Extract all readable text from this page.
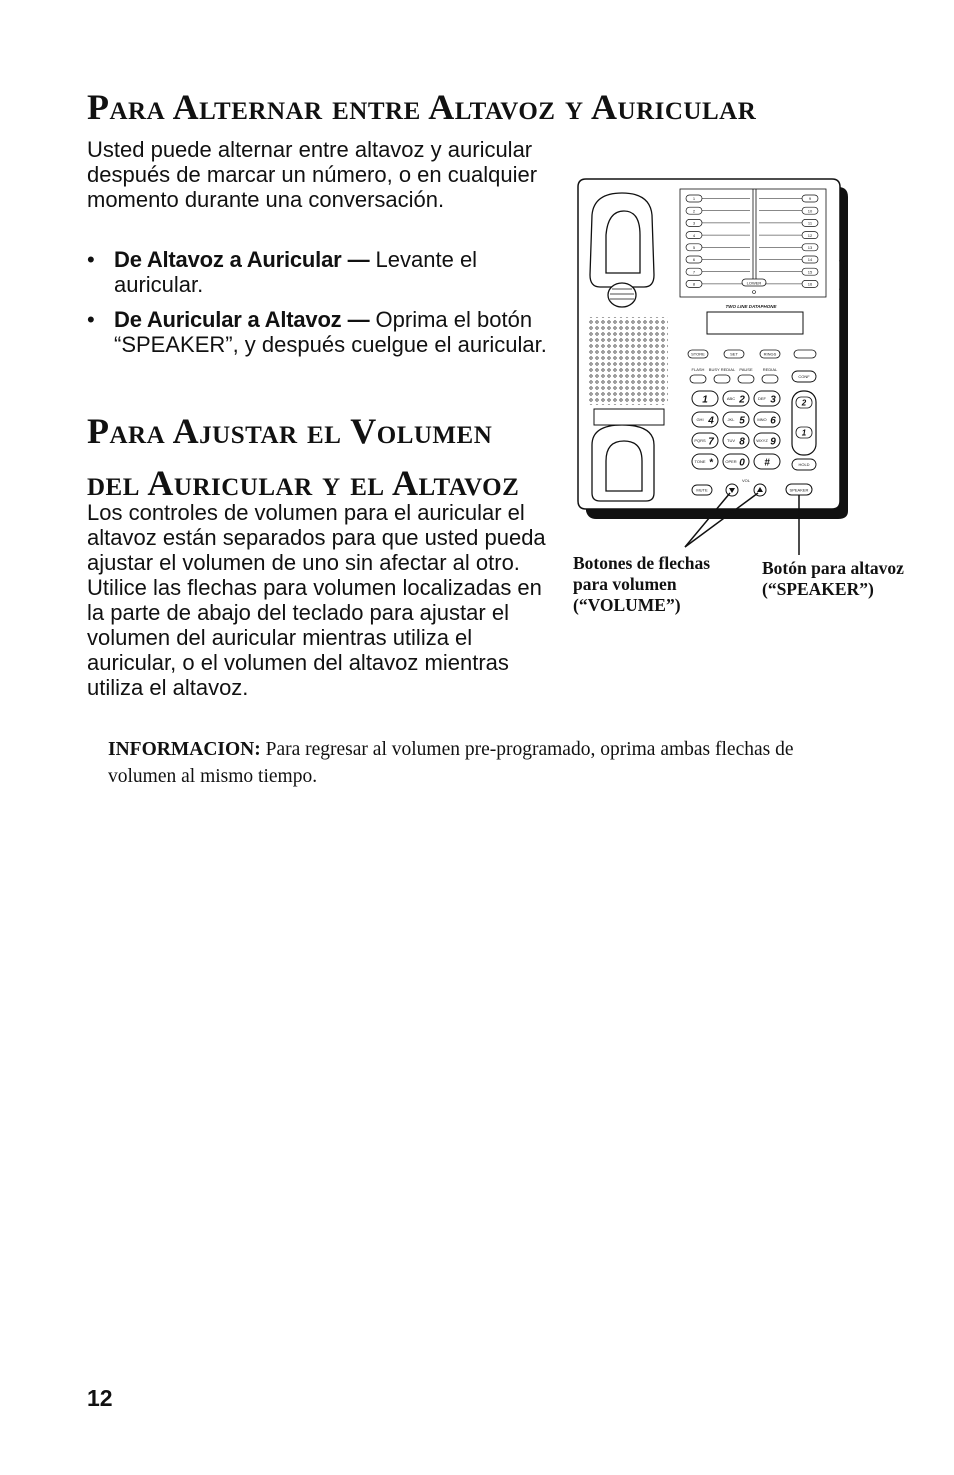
Para Alternar entre Altavoz y Auricular

Usted puede alternar entre altavoz y auricular después de marcar un número, o en cualquier momento durante una conversación.

• De Altavoz a Auricular — Levante el auricular.
• De Auricular a Altavoz — Oprima el botón “SPEAKER”, y después cuelgue el auricular.
Para Ajustar el Volumen
del Auricular y el Altavoz

Los controles de volumen para el auricular el altavoz están separados para que usted pueda ajustar el volumen de uno sin afectar al otro. Utilice las flechas para volumen localizadas en la parte de abajo del teclado para ajustar el volumen del auricular mientras utiliza el auricular, o el volumen del altavoz mientras utiliza el altavoz.

INFORMACION: Para regresar al volumen pre-programado, oprima ambas flechas de volumen al mismo tiempo.

1
2
3
4
5
6
7
8
9
10
11
12
13
14
15
16
LOWER
TWO LINE DATAPHONE
STORE	SET	RINGS
FLASH BUSY REDIAL PAUSE	REDIAL
1	ABC 2	DEF 3
GHI 4	JKL 5	MNO 6
PQRS 7	TUV 8	WXYZ 9
TONE *	OPER 0 #
CONF
2
1
HOLD
MUTE
VOL
SPEAKER

Botones de flechas para volumen (“VOLUME”)

Botón para altavoz (“SPEAKER”)

12
